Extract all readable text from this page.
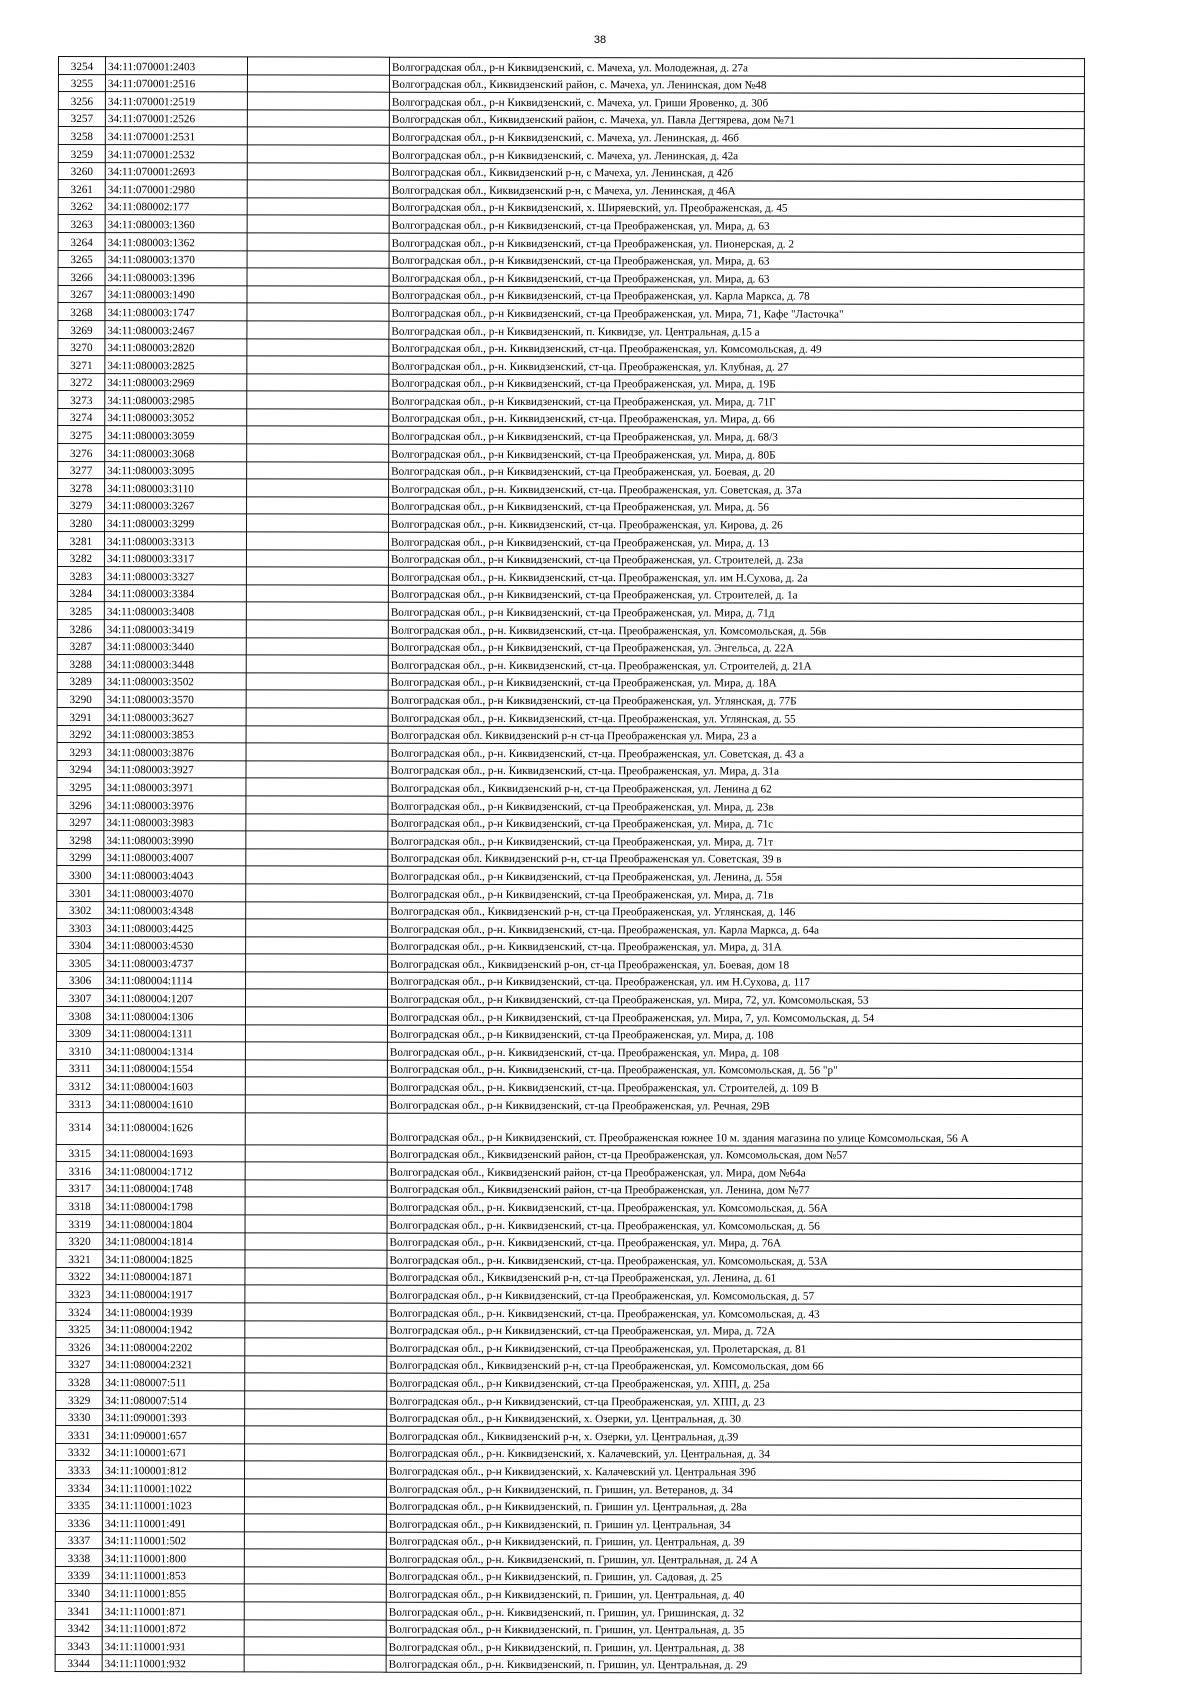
38
3254	34:11:070001:2403		Волгоградская обл., р-н Киквидзенский, с. Мачеха, ул. Молодежная, д. 27а
3255	34:11:070001:2516		Волгоградская обл., Киквидзенский район, с. Мачеха, ул. Ленинская, дом №48
3256	34:11:070001:2519		Волгоградская обл., р-н Киквидзенский, с. Мачеха, ул. Гриши Яровенко, д. 30б
3257	34:11:070001:2526		Волгоградская обл., Киквидзенский район, с. Мачеха, ул. Павла Дегтярева, дом №71
3258	34:11:070001:2531		Волгоградская обл., р-н Киквидзенский, с. Мачеха, ул. Ленинская, д. 46б
3259	34:11:070001:2532		Волгоградская обл., р-н Киквидзенский, с. Мачеха, ул. Ленинская, д. 42а
3260	34:11:070001:2693		Волгоградская обл., Киквидзенский р-н, с Мачеха, ул. Ленинская, д 42б
3261	34:11:070001:2980		Волгоградская обл., Киквидзенский р-н, с Мачеха, ул. Ленинская, д 46А
3262	34:11:080002:177		Волгоградская обл., р-н Киквидзенский, х. Ширяевский, ул. Преображенская, д. 45
3263	34:11:080003:1360		Волгоградская обл., р-н Киквидзенский, ст-ца Преображенская, ул. Мира, д. 63
3264	34:11:080003:1362		Волгоградская обл., р-н Киквидзенский, ст-ца Преображенская, ул. Пионерская, д. 2
3265	34:11:080003:1370		Волгоградская обл., р-н Киквидзенский, ст-ца Преображенская, ул. Мира, д. 63
3266	34:11:080003:1396		Волгоградская обл., р-н Киквидзенский, ст-ца Преображенская, ул. Мира, д. 63
3267	34:11:080003:1490		Волгоградская обл., р-н Киквидзенский, ст-ца Преображенская, ул. Карла Маркса, д. 78
3268	34:11:080003:1747		Волгоградская обл., р-н Киквидзенский, ст-ца Преображенская, ул. Мира, 71, Кафе "Ласточка"
3269	34:11:080003:2467		Волгоградская обл., р-н Киквидзенский, п. Киквидзе, ул. Центральная, д.15 а
3270	34:11:080003:2820		Волгоградская обл., р-н. Киквидзенский, ст-ца. Преображенская, ул. Комсомольская, д. 49
3271	34:11:080003:2825		Волгоградская обл., р-н. Киквидзенский, ст-ца. Преображенская, ул. Клубная, д. 27
3272	34:11:080003:2969		Волгоградская обл., р-н Киквидзенский, ст-ца Преображенская, ул. Мира, д. 19Б
3273	34:11:080003:2985		Волгоградская обл., р-н Киквидзенский, ст-ца Преображенская, ул. Мира, д. 71Г
3274	34:11:080003:3052		Волгоградская обл., р-н. Киквидзенский, ст-ца. Преображенская, ул. Мира, д. 66
3275	34:11:080003:3059		Волгоградская обл., р-н Киквидзенский, ст-ца Преображенская, ул. Мира, д. 68/3
3276	34:11:080003:3068		Волгоградская обл., р-н Киквидзенский, ст-ца Преображенская, ул. Мира, д. 80Б
3277	34:11:080003:3095		Волгоградская обл., р-н Киквидзенский, ст-ца Преображенская, ул. Боевая, д. 20
3278	34:11:080003:3110		Волгоградская обл., р-н. Киквидзенский, ст-ца. Преображенская, ул. Советская, д. 37а
3279	34:11:080003:3267		Волгоградская обл., р-н Киквидзенский, ст-ца Преображенская, ул. Мира, д. 56
3280	34:11:080003:3299		Волгоградская обл., р-н. Киквидзенский, ст-ца. Преображенская, ул. Кирова, д. 26
3281	34:11:080003:3313		Волгоградская обл., р-н Киквидзенский, ст-ца Преображенская, ул. Мира, д. 13
3282	34:11:080003:3317		Волгоградская обл., р-н Киквидзенский, ст-ца Преображенская, ул. Строителей, д. 23а
3283	34:11:080003:3327		Волгоградская обл., р-н. Киквидзенский, ст-ца. Преображенская, ул. им Н.Сухова, д. 2а
3284	34:11:080003:3384		Волгоградская обл., р-н Киквидзенский, ст-ца Преображенская, ул. Строителей, д. 1а
3285	34:11:080003:3408		Волгоградская обл., р-н Киквидзенский, ст-ца Преображенская, ул. Мира, д. 71д
3286	34:11:080003:3419		Волгоградская обл., р-н. Киквидзенский, ст-ца. Преображенская, ул. Комсомольская, д. 56в
3287	34:11:080003:3440		Волгоградская обл., р-н Киквидзенский, ст-ца Преображенская, ул. Энгельса, д. 22А
3288	34:11:080003:3448		Волгоградская обл., р-н. Киквидзенский, ст-ца. Преображенская, ул. Строителей, д. 21А
3289	34:11:080003:3502		Волгоградская обл., р-н Киквидзенский, ст-ца Преображенская, ул. Мира, д. 18А
3290	34:11:080003:3570		Волгоградская обл., р-н Киквидзенский, ст-ца Преображенская, ул. Углянская, д. 77Б
3291	34:11:080003:3627		Волгоградская обл., р-н. Киквидзенский, ст-ца. Преображенская, ул. Углянская, д. 55
3292	34:11:080003:3853		Волгоградская обл. Киквидзенский р-н ст-ца Преображенская ул. Мира, 23 а
3293	34:11:080003:3876		Волгоградская обл., р-н. Киквидзенский, ст-ца. Преображенская, ул. Советская, д. 43 а
3294	34:11:080003:3927		Волгоградская обл., р-н. Киквидзенский, ст-ца. Преображенская, ул. Мира, д. 31а
3295	34:11:080003:3971		Волгоградская обл., Киквидзенский р-н, ст-ца Преображенская, ул. Ленина д 62
3296	34:11:080003:3976		Волгоградская обл., р-н Киквидзенский, ст-ца Преображенская, ул. Мира, д. 23в
3297	34:11:080003:3983		Волгоградская обл., р-н Киквидзенский, ст-ца Преображенская, ул. Мира, д. 71с
3298	34:11:080003:3990		Волгоградская обл., р-н Киквидзенский, ст-ца Преображенская, ул. Мира, д. 71т
3299	34:11:080003:4007		Волгоградская обл. Киквидзенский р-н, ст-ца Преображенская ул. Советская, 39 в
3300	34:11:080003:4043		Волгоградская обл., р-н Киквидзенский, ст-ца Преображенская, ул. Ленина, д. 55я
3301	34:11:080003:4070		Волгоградская обл., р-н Киквидзенский, ст-ца Преображенская, ул. Мира, д. 71в
3302	34:11:080003:4348		Волгоградская обл., Киквидзенский р-н, ст-ца Преображенская, ул. Углянская, д. 146
3303	34:11:080003:4425		Волгоградская обл., р-н. Киквидзенский, ст-ца. Преображенская, ул. Карла Маркса, д. 64а
3304	34:11:080003:4530		Волгоградская обл., р-н. Киквидзенский, ст-ца. Преображенская, ул. Мира, д. 31А
3305	34:11:080003:4737		Волгоградская обл., Киквидзенский р-он, ст-ца Преображенская, ул. Боевая, дом 18
3306	34:11:080004:1114		Волгоградская обл., р-н Киквидзенский, ст-ца. Преображенская, ул. им Н.Сухова, д. 117
3307	34:11:080004:1207		Волгоградская обл., р-н Киквидзенский, ст-ца Преображенская, ул. Мира, 72, ул. Комсомольская, 53
3308	34:11:080004:1306		Волгоградская обл., р-н Киквидзенский, ст-ца Преображенская, ул. Мира, 7, ул. Комсомольская, д. 54
3309	34:11:080004:1311		Волгоградская обл., р-н Киквидзенский, ст-ца Преображенская, ул. Мира, д. 108
3310	34:11:080004:1314		Волгоградская обл., р-н. Киквидзенский, ст-ца. Преображенская, ул. Мира, д. 108
3311	34:11:080004:1554		Волгоградская обл., р-н. Киквидзенский, ст-ца. Преображенская, ул. Комсомольская, д. 56 "р"
3312	34:11:080004:1603		Волгоградская обл., р-н. Киквидзенский, ст-ца. Преображенская, ул. Строителей, д. 109 В
3313	34:11:080004:1610		Волгоградская обл., р-н Киквидзенский, ст-ца Преображенская, ул. Речная, 29В
3314	34:11:080004:1626		Волгоградская обл., р-н Киквидзенский, ст. Преображенская южнее 10 м. здания магазина по улице Комсомольская, 56 А
3315	34:11:080004:1693		Волгоградская обл., Киквидзенский район, ст-ца Преображенская, ул. Комсомольская, дом №57
3316	34:11:080004:1712		Волгоградская обл., Киквидзенский район, ст-ца Преображенская, ул. Мира, дом №64а
3317	34:11:080004:1748		Волгоградская обл., Киквидзенский район, ст-ца Преображенская, ул. Ленина, дом №77
3318	34:11:080004:1798		Волгоградская обл., р-н. Киквидзенский, ст-ца. Преображенская, ул. Комсомольская, д. 56А
3319	34:11:080004:1804		Волгоградская обл., р-н. Киквидзенский, ст-ца. Преображенская, ул. Комсомольская, д. 56
3320	34:11:080004:1814		Волгоградская обл., р-н. Киквидзенский, ст-ца. Преображенская, ул. Мира, д. 76А
3321	34:11:080004:1825		Волгоградская обл., р-н. Киквидзенский, ст-ца. Преображенская, ул. Комсомольская, д. 53А
3322	34:11:080004:1871		Волгоградская обл., Киквидзенский р-н, ст-ца Преображенская, ул. Ленина, д. 61
3323	34:11:080004:1917		Волгоградская обл., р-н Киквидзенский, ст-ца Преображенская, ул. Комсомольская, д. 57
3324	34:11:080004:1939		Волгоградская обл., р-н. Киквидзенский, ст-ца. Преображенская, ул. Комсомольская, д. 43
3325	34:11:080004:1942		Волгоградская обл., р-н Киквидзенский, ст-ца Преображенская, ул. Мира, д. 72А
3326	34:11:080004:2202		Волгоградская обл., р-н Киквидзенский, ст-ца Преображенская, ул. Пролетарская, д. 81
3327	34:11:080004:2321		Волгоградская обл., Киквидзенский р-н, ст-ца Преображенская, ул. Комсомольская, дом 66
3328	34:11:080007:511		Волгоградская обл., р-н Киквидзенский, ст-ца Преображенская, ул. ХПП, д. 25а
3329	34:11:080007:514		Волгоградская обл., р-н Киквидзенский, ст-ца Преображенская, ул. ХПП, д. 23
3330	34:11:090001:393		Волгоградская обл., р-н Киквидзенский, х. Озерки, ул. Центральная, д. 30
3331	34:11:090001:657		Волгоградская обл., Киквидзенский р-н, х. Озерки, ул. Центральная, д.39
3332	34:11:100001:671		Волгоградская обл., р-н. Киквидзенский, х. Калачевский, ул. Центральная, д. 34
3333	34:11:100001:812		Волгоградская обл., р-н Киквидзенский, х. Калачевский ул. Центральная 39б
3334	34:11:110001:1022		Волгоградская обл., р-н Киквидзенский, п. Гришин, ул. Ветеранов, д. 34
3335	34:11:110001:1023		Волгоградская обл., р-н Киквидзенский, п. Гришин ул. Центральная, д. 28а
3336	34:11:110001:491		Волгоградская обл., р-н Киквидзенский, п. Гришин ул. Центральная, 34
3337	34:11:110001:502		Волгоградская обл., р-н Киквидзенский, п. Гришин, ул. Центральная, д. 39
3338	34:11:110001:800		Волгоградская обл., р-н. Киквидзенский, п. Гришин, ул. Центральная, д. 24 А
3339	34:11:110001:853		Волгоградская обл., р-н Киквидзенский, п. Гришин, ул. Садовая, д. 25
3340	34:11:110001:855		Волгоградская обл., р-н Киквидзенский, п. Гришин, ул. Центральная, д. 40
3341	34:11:110001:871		Волгоградская обл., р-н. Киквидзенский, п. Гришин, ул. Гришинская, д. 32
3342	34:11:110001:872		Волгоградская обл., р-н Киквидзенский, п. Гришин, ул. Центральная, д. 35
3343	34:11:110001:931		Волгоградская обл., р-н Киквидзенский, п. Гришин, ул. Центральная, д. 38
3344	34:11:110001:932		Волгоградская обл., р-н. Киквидзенский, п. Гришин, ул. Центральная, д. 29
